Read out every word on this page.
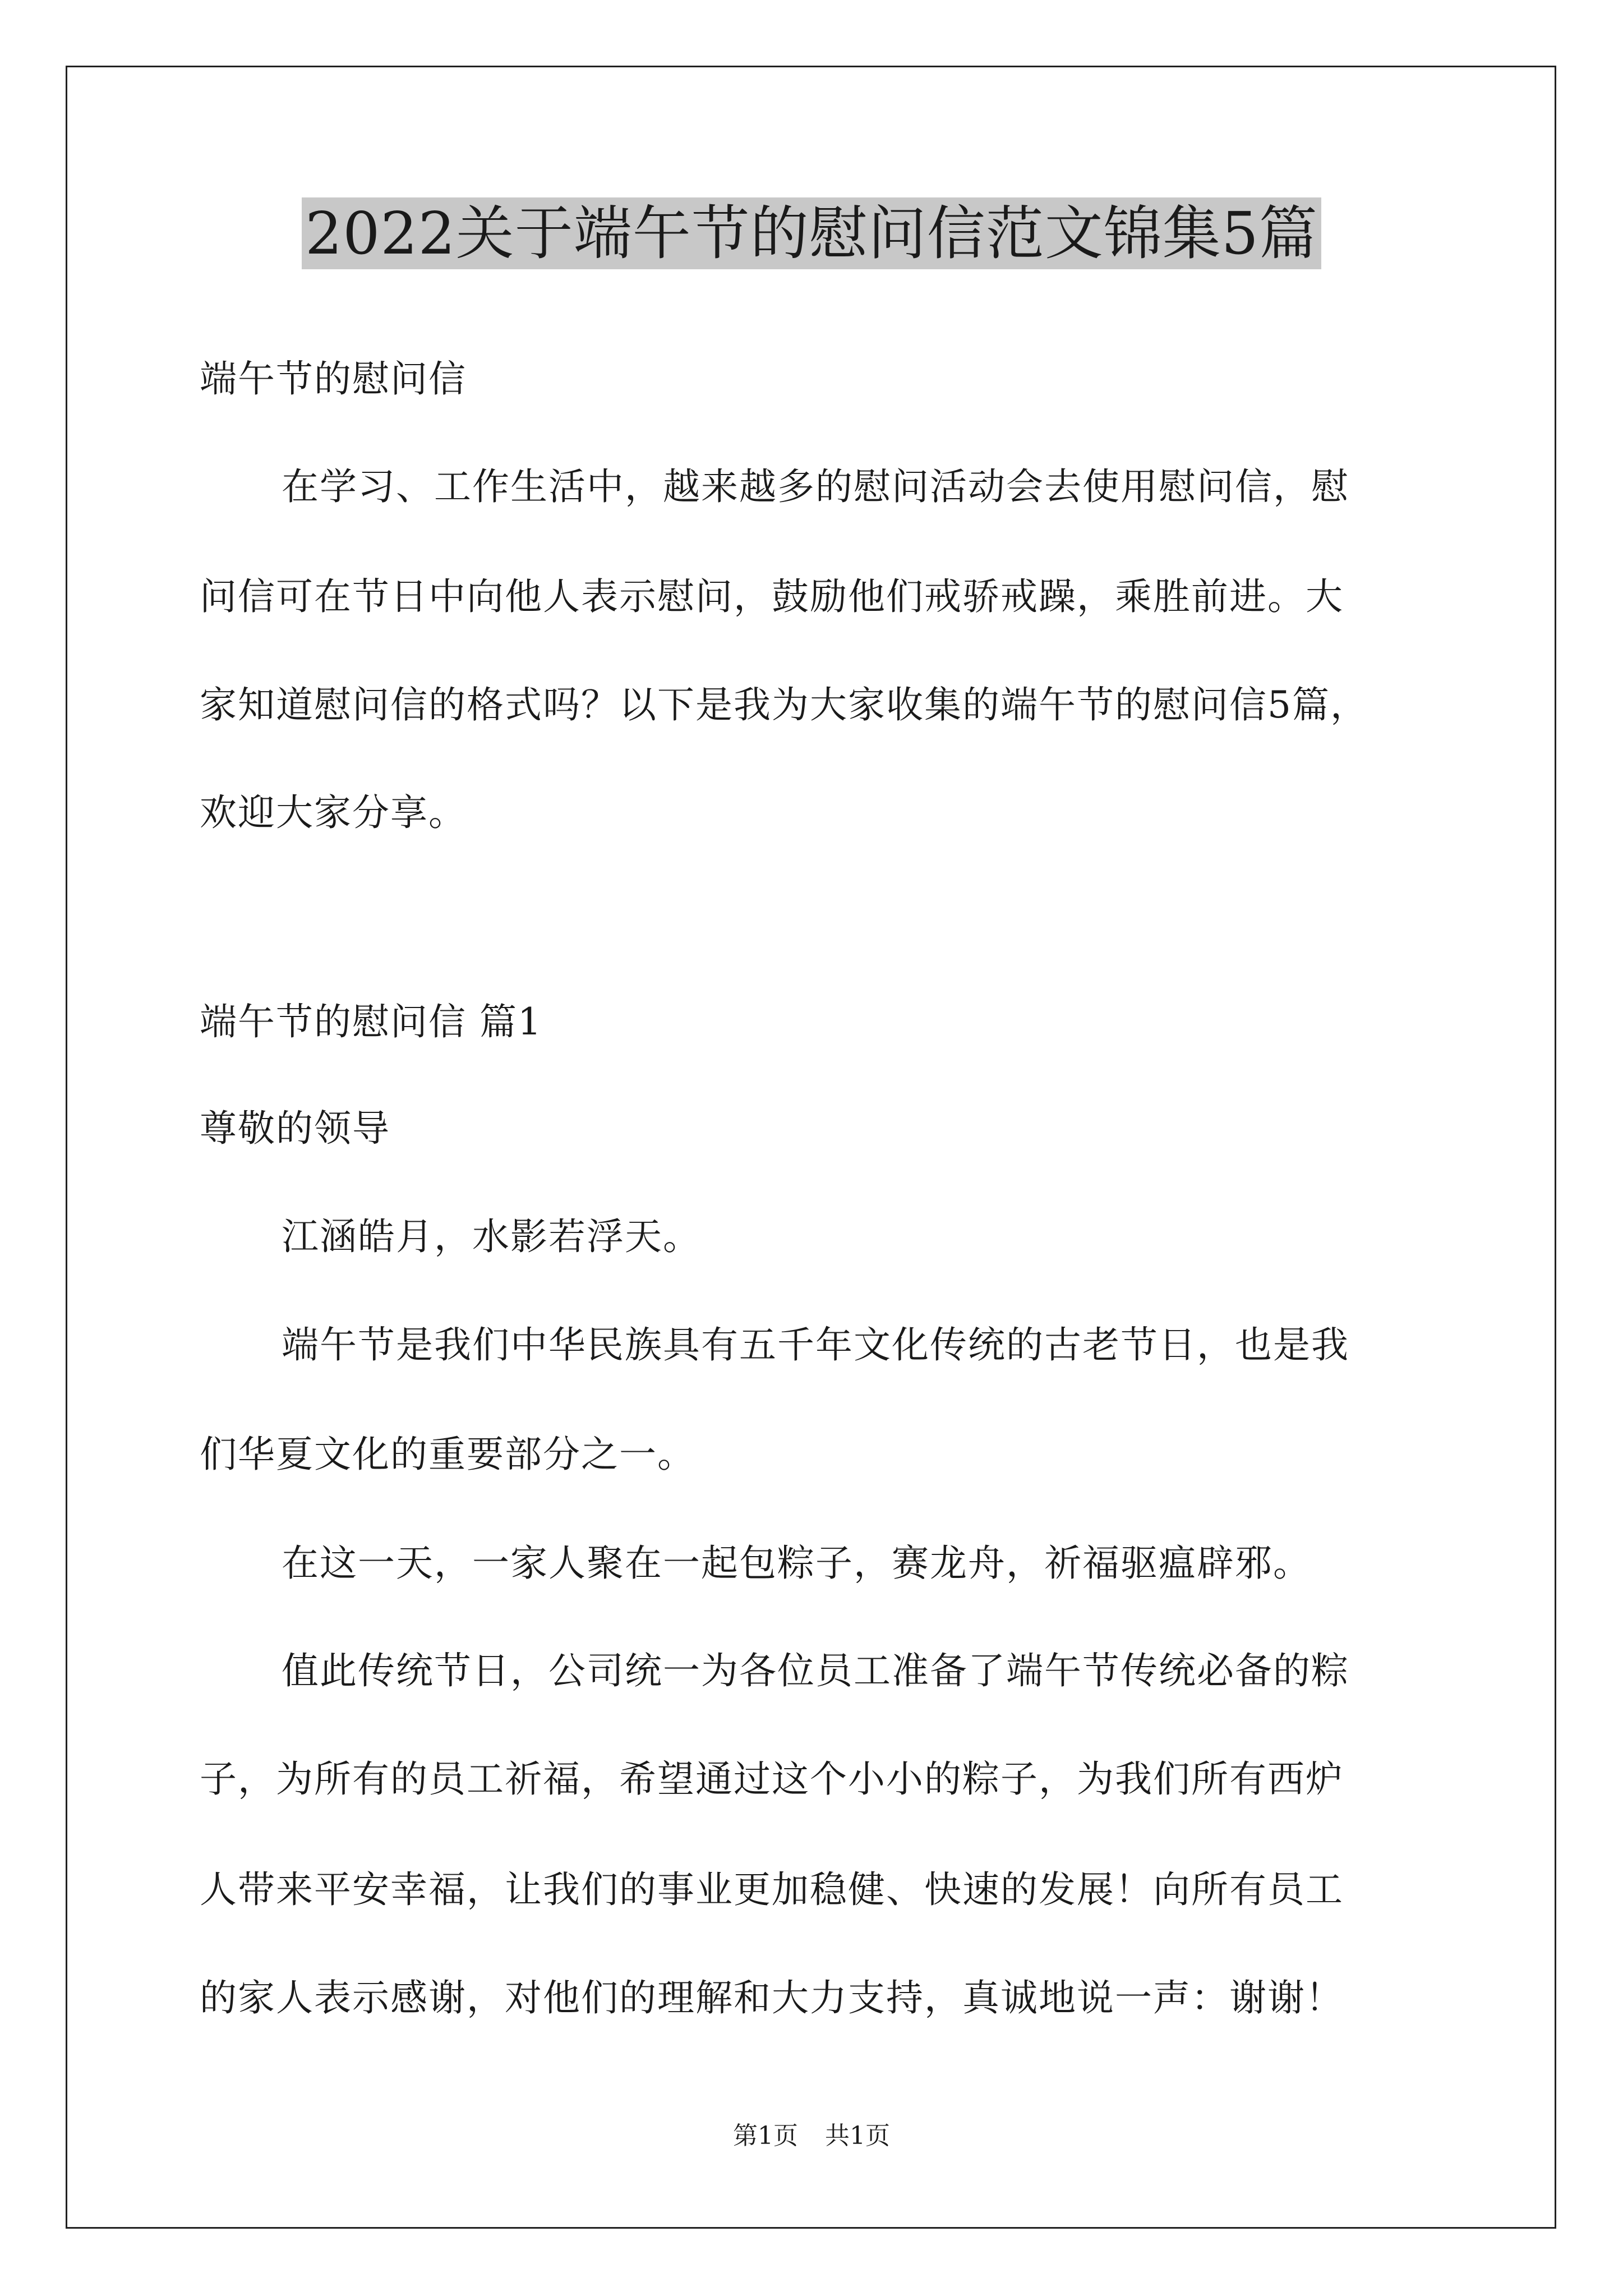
2022关于端午节的慰问信范文锦集5篇
端午节的慰问信
在学习、工作生活中，越来越多的慰问活动会去使用慰问信，慰
问信可在节日中向他人表示慰问，鼓励他们戒骄戒躁，乘胜前进。大
家知道慰问信的格式吗？以下是我为大家收集的端午节的慰问信5篇，
欢迎大家分享。
端午节的慰问信 篇1
尊敬的领导
江涵皓月，水影若浮天。
端午节是我们中华民族具有五千年文化传统的古老节日，也是我
们华夏文化的重要部分之一。
在这一天，一家人聚在一起包粽子，赛龙舟，祈福驱瘟辟邪。
值此传统节日，公司统一为各位员工准备了端午节传统必备的粽
子，为所有的员工祈福，希望通过这个小小的粽子，为我们所有西炉
人带来平安幸福，让我们的事业更加稳健、快速的发展！向所有员工
的家人表示感谢，对他们的理解和大力支持，真诚地说一声：谢谢！
第1页 共1页
